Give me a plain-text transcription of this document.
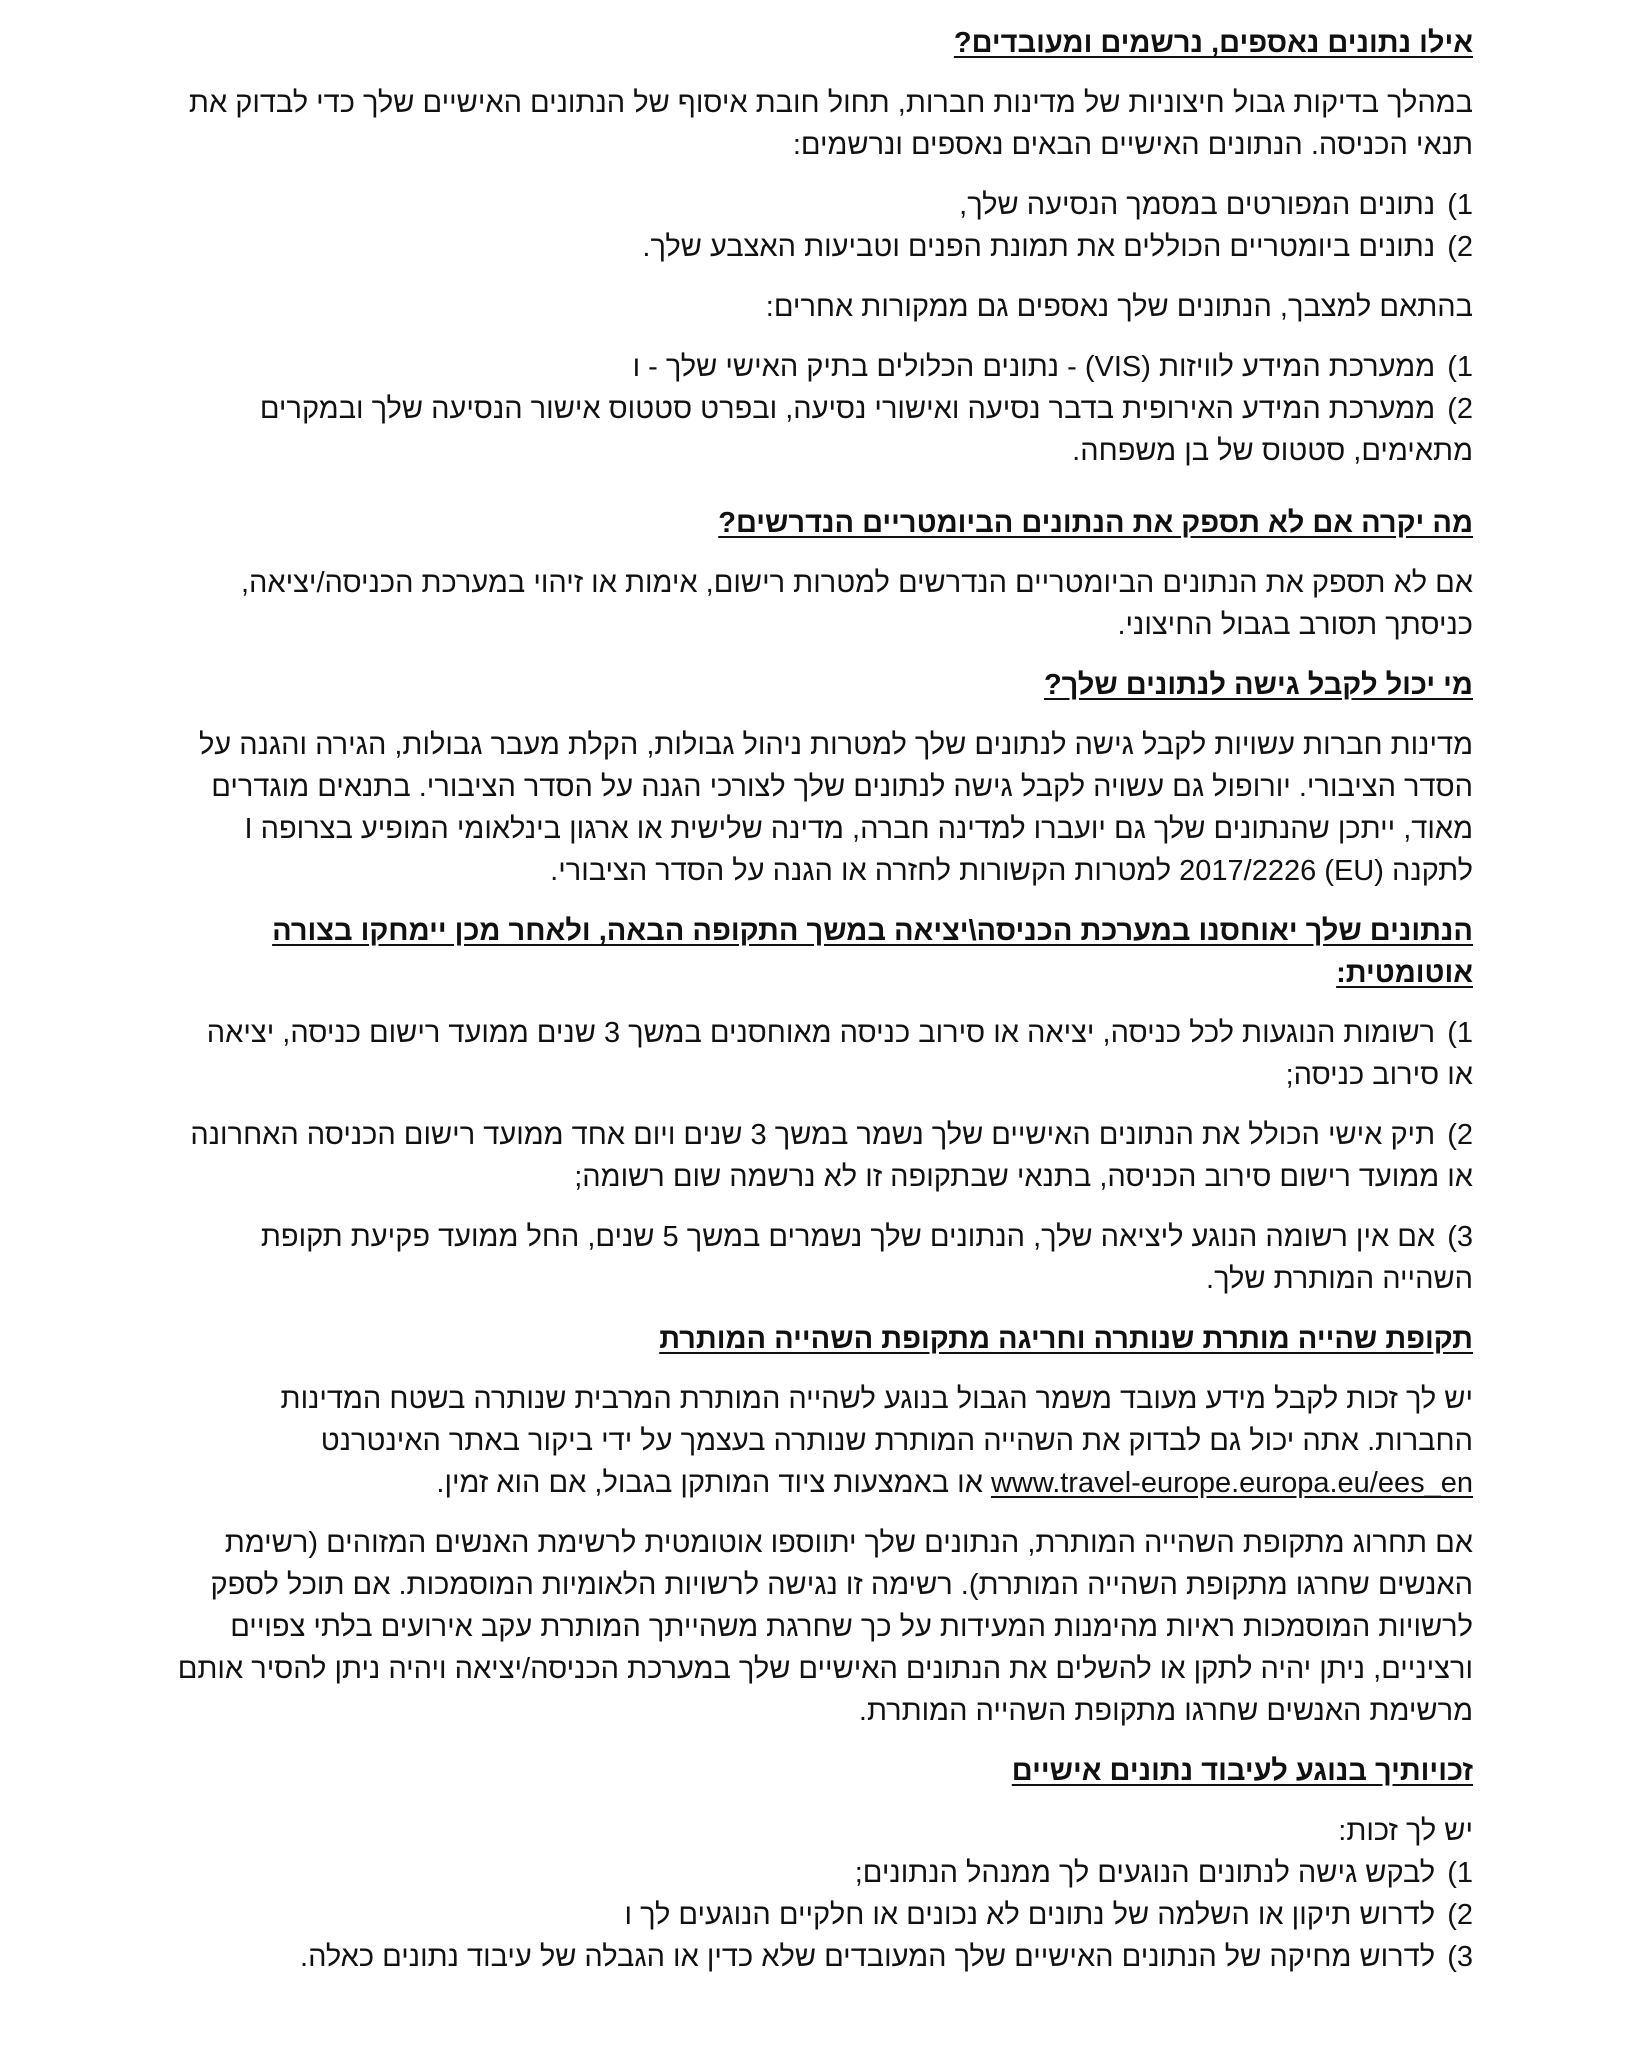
אילו נתונים נאספים, נרשמים ומעובדים?

במהלך בדיקות גבול חיצוניות של מדינות חברות, תחול חובת איסוף של הנתונים האישיים שלך כדי לבדוק את תנאי הכניסה. הנתונים האישיים הבאים נאספים ונרשמים:

1) נתונים המפורטים במסמך הנסיעה שלך,
2) נתונים ביומטריים הכוללים את תמונת הפנים וטביעות האצבע שלך.

בהתאם למצבך, הנתונים שלך נאספים גם ממקורות אחרים:

1) ממערכת המידע לוויזות (VIS) - נתונים הכלולים בתיק האישי שלך - ו
2) ממערכת המידע האירופית בדבר נסיעה ואישורי נסיעה, ובפרט סטטוס אישור הנסיעה שלך ובמקרים מתאימים, סטטוס של בן משפחה.
מה יקרה אם לא תספק את הנתונים הביומטריים הנדרשים?

אם לא תספק את הנתונים הביומטריים הנדרשים למטרות רישום, אימות או זיהוי במערכת הכניסה/יציאה, כניסתך תסורב בגבול החיצוני.

מי יכול לקבל גישה לנתונים שלך?

מדינות חברות עשויות לקבל גישה לנתונים שלך למטרות ניהול גבולות, הקלת מעבר גבולות, הגירה והגנה על הסדר הציבורי. יורופול גם עשויה לקבל גישה לנתונים שלך לצורכי הגנה על הסדר הציבורי. בתנאים מוגדרים מאוד, ייתכן שהנתונים שלך גם יועברו למדינה חברה, מדינה שלישית או ארגון בינלאומי המופיע בצרופה I לתקנה (EU) 2017/2226 למטרות הקשורות לחזרה או הגנה על הסדר הציבורי.

הנתונים שלך יאוחסנו במערכת הכניסה\יציאה במשך התקופה הבאה, ולאחר מכן יימחקו בצורה אוטומטית:
1) רשומות הנוגעות לכל כניסה, יציאה או סירוב כניסה מאוחסנים במשך 3 שנים ממועד רישום כניסה, יציאה או סירוב כניסה;
2) תיק אישי הכולל את הנתונים האישיים שלך נשמר במשך 3 שנים ויום אחד ממועד רישום הכניסה האחרונה או ממועד רישום סירוב הכניסה, בתנאי שבתקופה זו לא נרשמה שום רשומה;
3) אם אין רשומה הנוגע ליציאה שלך, הנתונים שלך נשמרים במשך 5 שנים, החל ממועד פקיעת תקופת השהייה המותרת שלך.
תקופת שהייה מותרת שנותרה וחריגה מתקופת השהייה המותרת

יש לך זכות לקבל מידע מעובד משמר הגבול בנוגע לשהייה המותרת המרבית שנותרה בשטח המדינות החברות. אתה יכול גם לבדוק את השהייה המותרת שנותרה בעצמך על ידי ביקור באתר האינטרנט www.travel-europe.europa.eu/ees_en או באמצעות ציוד המותקן בגבול, אם הוא זמין.

אם תחרוג מתקופת השהייה המותרת, הנתונים שלך יתווספו אוטומטית לרשימת האנשים המזוהים (רשימת האנשים שחרגו מתקופת השהייה המותרת). רשימה זו נגישה לרשויות הלאומיות המוסמכות. אם תוכל לספק לרשויות המוסמכות ראיות מהימנות המעידות על כך שחרגת משהייתך המותרת עקב אירועים בלתי צפויים ורציניים, ניתן יהיה לתקן או להשלים את הנתונים האישיים שלך במערכת הכניסה/יציאה ויהיה ניתן להסיר אותם מרשימת האנשים שחרגו מתקופת השהייה המותרת.

זכויותיך בנוגע לעיבוד נתונים אישיים

יש לך זכות:

1) לבקש גישה לנתונים הנוגעים לך ממנהל הנתונים;
2) לדרוש תיקון או השלמה של נתונים לא נכונים או חלקיים הנוגעים לך ו
3) לדרוש מחיקה של הנתונים האישיים שלך המעובדים שלא כדין או הגבלה של עיבוד נתונים כאלה.
